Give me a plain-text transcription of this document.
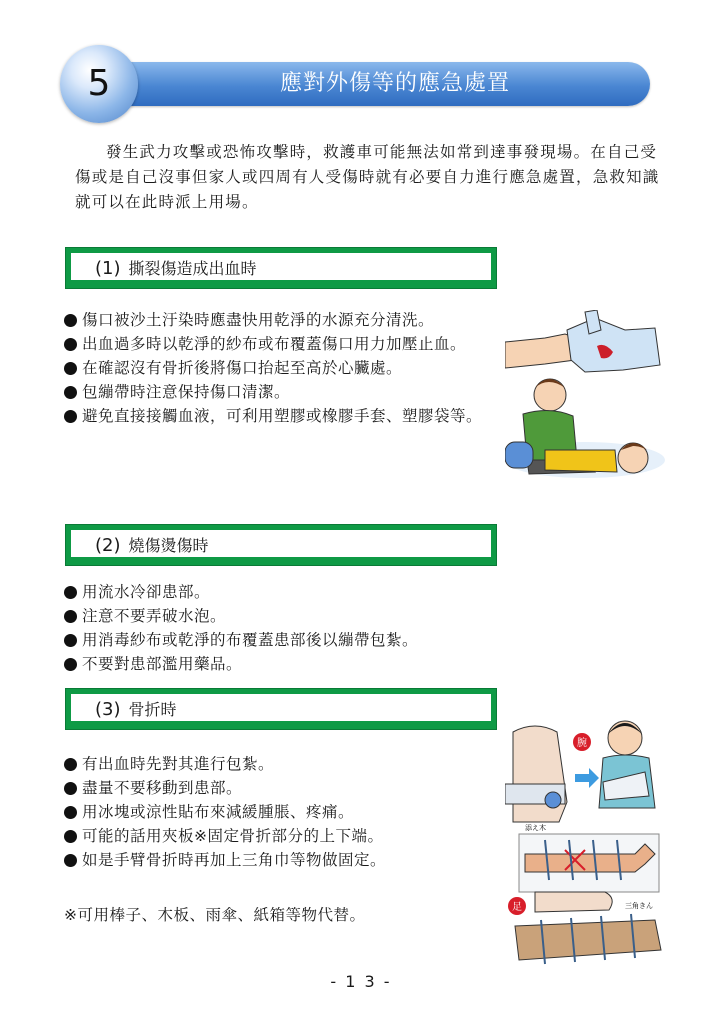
應對外傷等的應急處置
5

發生武力攻擊或恐怖攻擊時，救護車可能無法如常到達事發現場。在自己受傷或是自己沒事但家人或四周有人受傷時就有必要自力進行應急處置，急救知識就可以在此時派上用場。

(1) 撕裂傷造成出血時
傷口被沙土汙染時應盡快用乾淨的水源充分清洗。
出血過多時以乾淨的紗布或布覆蓋傷口用力加壓止血。
在確認沒有骨折後將傷口抬起至高於心臟處。
包繃帶時注意保持傷口清潔。
避免直接接觸血液，可利用塑膠或橡膠手套、塑膠袋等。
(2) 燒傷燙傷時
用流水冷卻患部。
注意不要弄破水泡。
用消毒紗布或乾淨的布覆蓋患部後以繃帶包紮。
不要對患部濫用藥品。
(3) 骨折時
有出血時先對其進行包紮。
盡量不要移動到患部。
用冰塊或涼性貼布來減緩腫脹、疼痛。
可能的話用夾板※固定骨折部分的上下端。
如是手臂骨折時再加上三角巾等物做固定。
腕
添え木
足	三角きん
※可用棒子、木板、雨傘、紙箱等物代替。
- 1 3 -
